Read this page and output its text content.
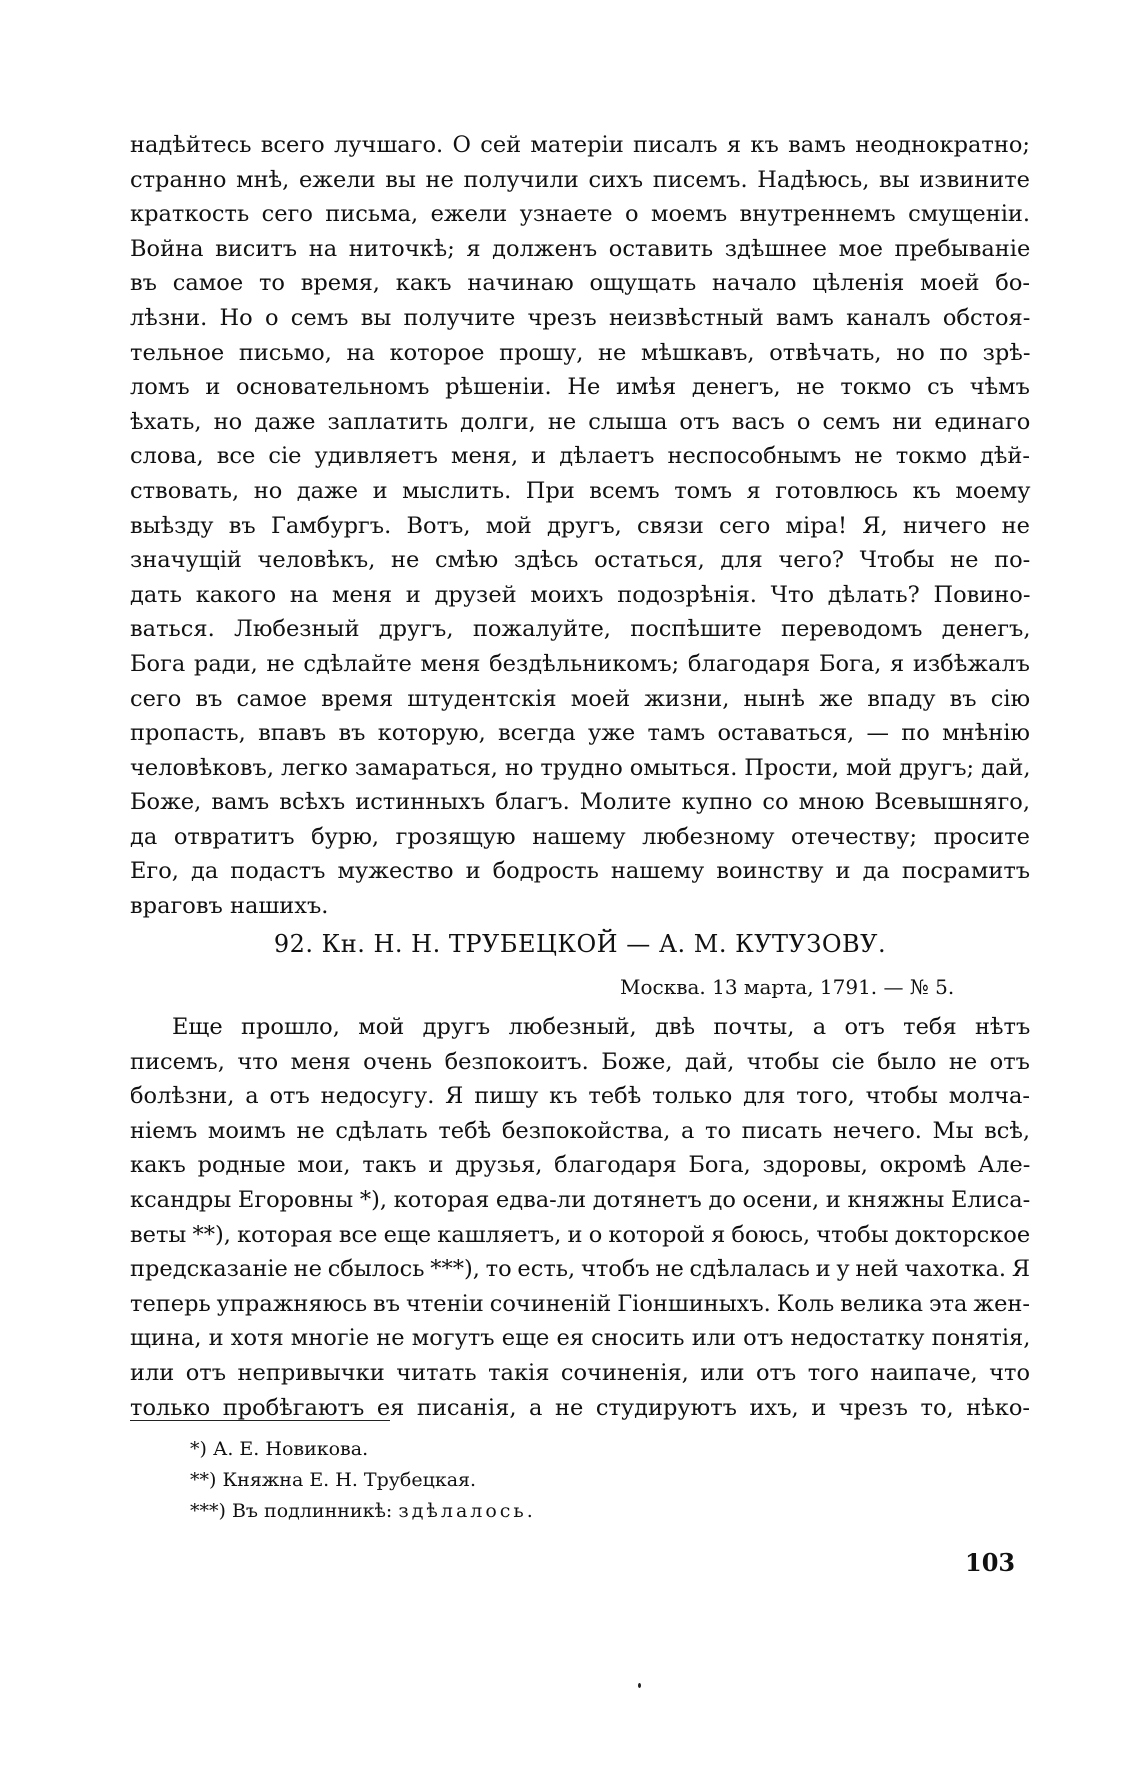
надѣйтесь всего лучшаго. О сей матеріи писалъ я къ вамъ неоднократно;
странно мнѣ, ежели вы не получили сихъ писемъ. Надѣюсь, вы извините
краткость сего письма, ежели узнаете о моемъ внутреннемъ смущеніи.
Война виситъ на ниточкѣ; я долженъ оставить здѣшнее мое пребываніе
въ самое то время, какъ начинаю ощущать начало цѣленія моей бо-
лѣзни. Но о семъ вы получите чрезъ неизвѣстный вамъ каналъ обстоя-
тельное письмо, на которое прошу, не мѣшкавъ, отвѣчать, но по зрѣ-
ломъ и основательномъ рѣшеніи. Не имѣя денегъ, не токмо съ чѣмъ
ѣхать, но даже заплатить долги, не слыша отъ васъ о семъ ни единаго
слова, все сіе удивляетъ меня, и дѣлаетъ неспособнымъ не токмо дѣй-
ствовать, но даже и мыслить. При всемъ томъ я готовлюсь къ моему
выѣзду въ Гамбургъ. Вотъ, мой другъ, связи сего міра! Я, ничего не
значущій человѣкъ, не смѣю здѣсь остаться, для чего? Чтобы не по-
дать какого на меня и друзей моихъ подозрѣнія. Что дѣлать? Повино-
ваться. Любезный другъ, пожалуйте, поспѣшите переводомъ денегъ,
Бога ради, не сдѣлайте меня бездѣльникомъ; благодаря Бога, я избѣжалъ
сего въ самое время штудентскія моей жизни, нынѣ же впаду въ сію
пропасть, впавъ въ которую, всегда уже тамъ оставаться, — по мнѣнію
человѣковъ, легко замараться, но трудно омыться. Прости, мой другъ; дай,
Боже, вамъ всѣхъ истинныхъ благъ. Молите купно со мною Всевышняго,
да отвратитъ бурю, грозящую нашему любезному отечеству; просите
Его, да подастъ мужество и бодрость нашему воинству и да посрамитъ
враговъ нашихъ.
92. Кн. Н. Н. ТРУБЕЦКОЙ — А. М. КУТУЗОВУ.
Москва. 13 марта, 1791. — № 5.
Еще прошло, мой другъ любезный, двѣ почты, а отъ тебя нѣтъ
писемъ, что меня очень безпокоитъ. Боже, дай, чтобы сіе было не отъ
болѣзни, а отъ недосугу. Я пишу къ тебѣ только для того, чтобы молча-
ніемъ моимъ не сдѣлать тебѣ безпокойства, а то писать нечего. Мы всѣ,
какъ родные мои, такъ и друзья, благодаря Бога, здоровы, окромѣ Але-
ксандры Егоровны *), которая едва-ли дотянетъ до осени, и княжны Елиса-
веты **), которая все еще кашляетъ, и о которой я боюсь, чтобы докторское
предсказаніе не сбылось ***), то есть, чтобъ не сдѣлалась и у ней чахотка. Я
теперь упражняюсь въ чтеніи сочиненій Гіоншиныхъ. Коль велика эта жен-
щина, и хотя многіе не могутъ еще ея сносить или отъ недостатку понятія,
или отъ непривычки читать такія сочиненія, или отъ того наипаче, что
только пробѣгаютъ ея писанія, а не студируютъ ихъ, и чрезъ то, нѣко-
*) А. Е. Новикова.
**) Княжна Е. Н. Трубецкая.
***) Въ подлинникѣ: здѣлалось.
103
